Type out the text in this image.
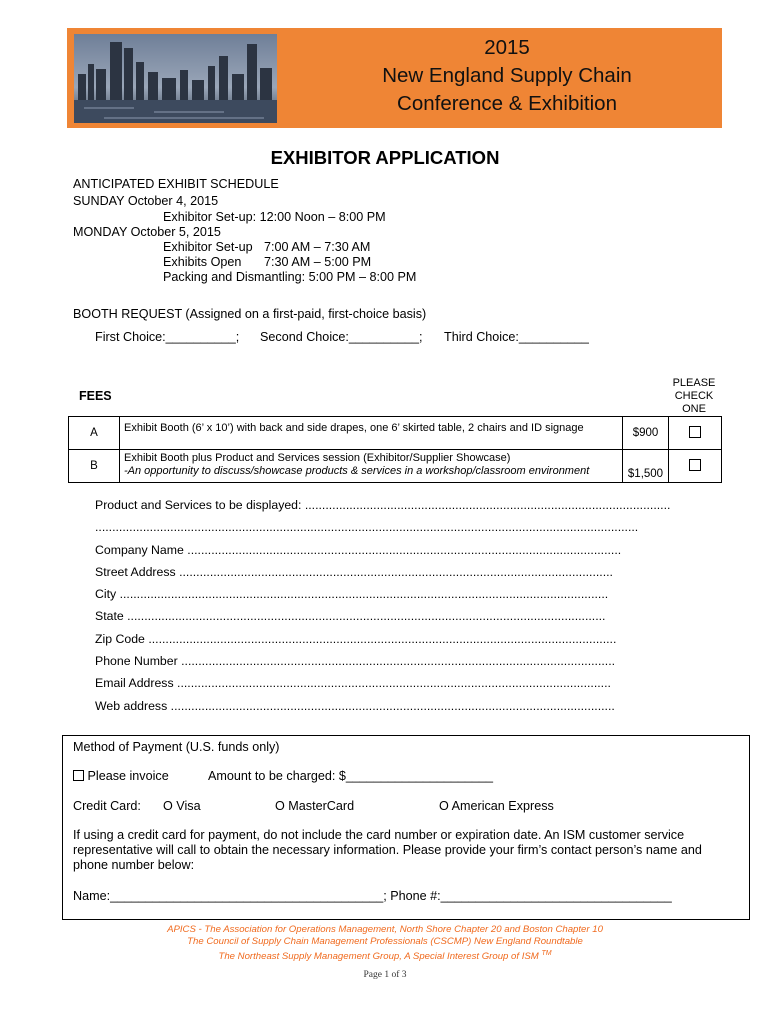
2015
New England Supply Chain
Conference & Exhibition
EXHIBITOR APPLICATION
ANTICIPATED EXHIBIT SCHEDULE
SUNDAY October 4, 2015
Exhibitor Set-up: 12:00 Noon – 8:00 PM
MONDAY October 5, 2015
Exhibitor Set-up 7:00 AM – 7:30 AM
Exhibits Open 7:30 AM – 5:00 PM
Packing and Dismantling: 5:00 PM – 8:00 PM
BOOTH REQUEST (Assigned on a first-paid, first-choice basis)
First Choice:__________; Second Choice:__________; Third Choice:__________
FEES
PLEASE
CHECK
ONE
A	Exhibit Booth (6’ x 10’) with back and side drapes, one 6’ skirted table, 2 chairs and ID signage	$900	
B	Exhibit Booth plus Product and Services session (Exhibitor/Supplier Showcase)
-An opportunity to discuss/showcase products & services in a workshop/classroom environment	$1,500	
Product and Services to be displayed: ...........................................................................................................
...............................................................................................................................................................
Company Name ...............................................................................................................................
Street Address ...............................................................................................................................
City ...............................................................................................................................................
State ............................................................................................................................................
Zip Code .........................................................................................................................................
Phone Number ...............................................................................................................................
Email Address ...............................................................................................................................
Web address ..................................................................................................................................
Method of Payment (U.S. funds only)
Please invoice	Amount to be charged: $_____________________
Credit Card: O Visa	O MasterCard	O American Express
If using a credit card for payment, do not include the card number or expiration date. An ISM customer service representative will call to obtain the necessary information. Please provide your firm’s contact person’s name and phone number below:
Name:_______________________________________; Phone #:_________________________________
APICS - The Association for Operations Management, North Shore Chapter 20 and Boston Chapter 10
The Council of Supply Chain Management Professionals (CSCMP) New England Roundtable
The Northeast Supply Management Group, A Special Interest Group of ISM ™
Page 1 of 3
